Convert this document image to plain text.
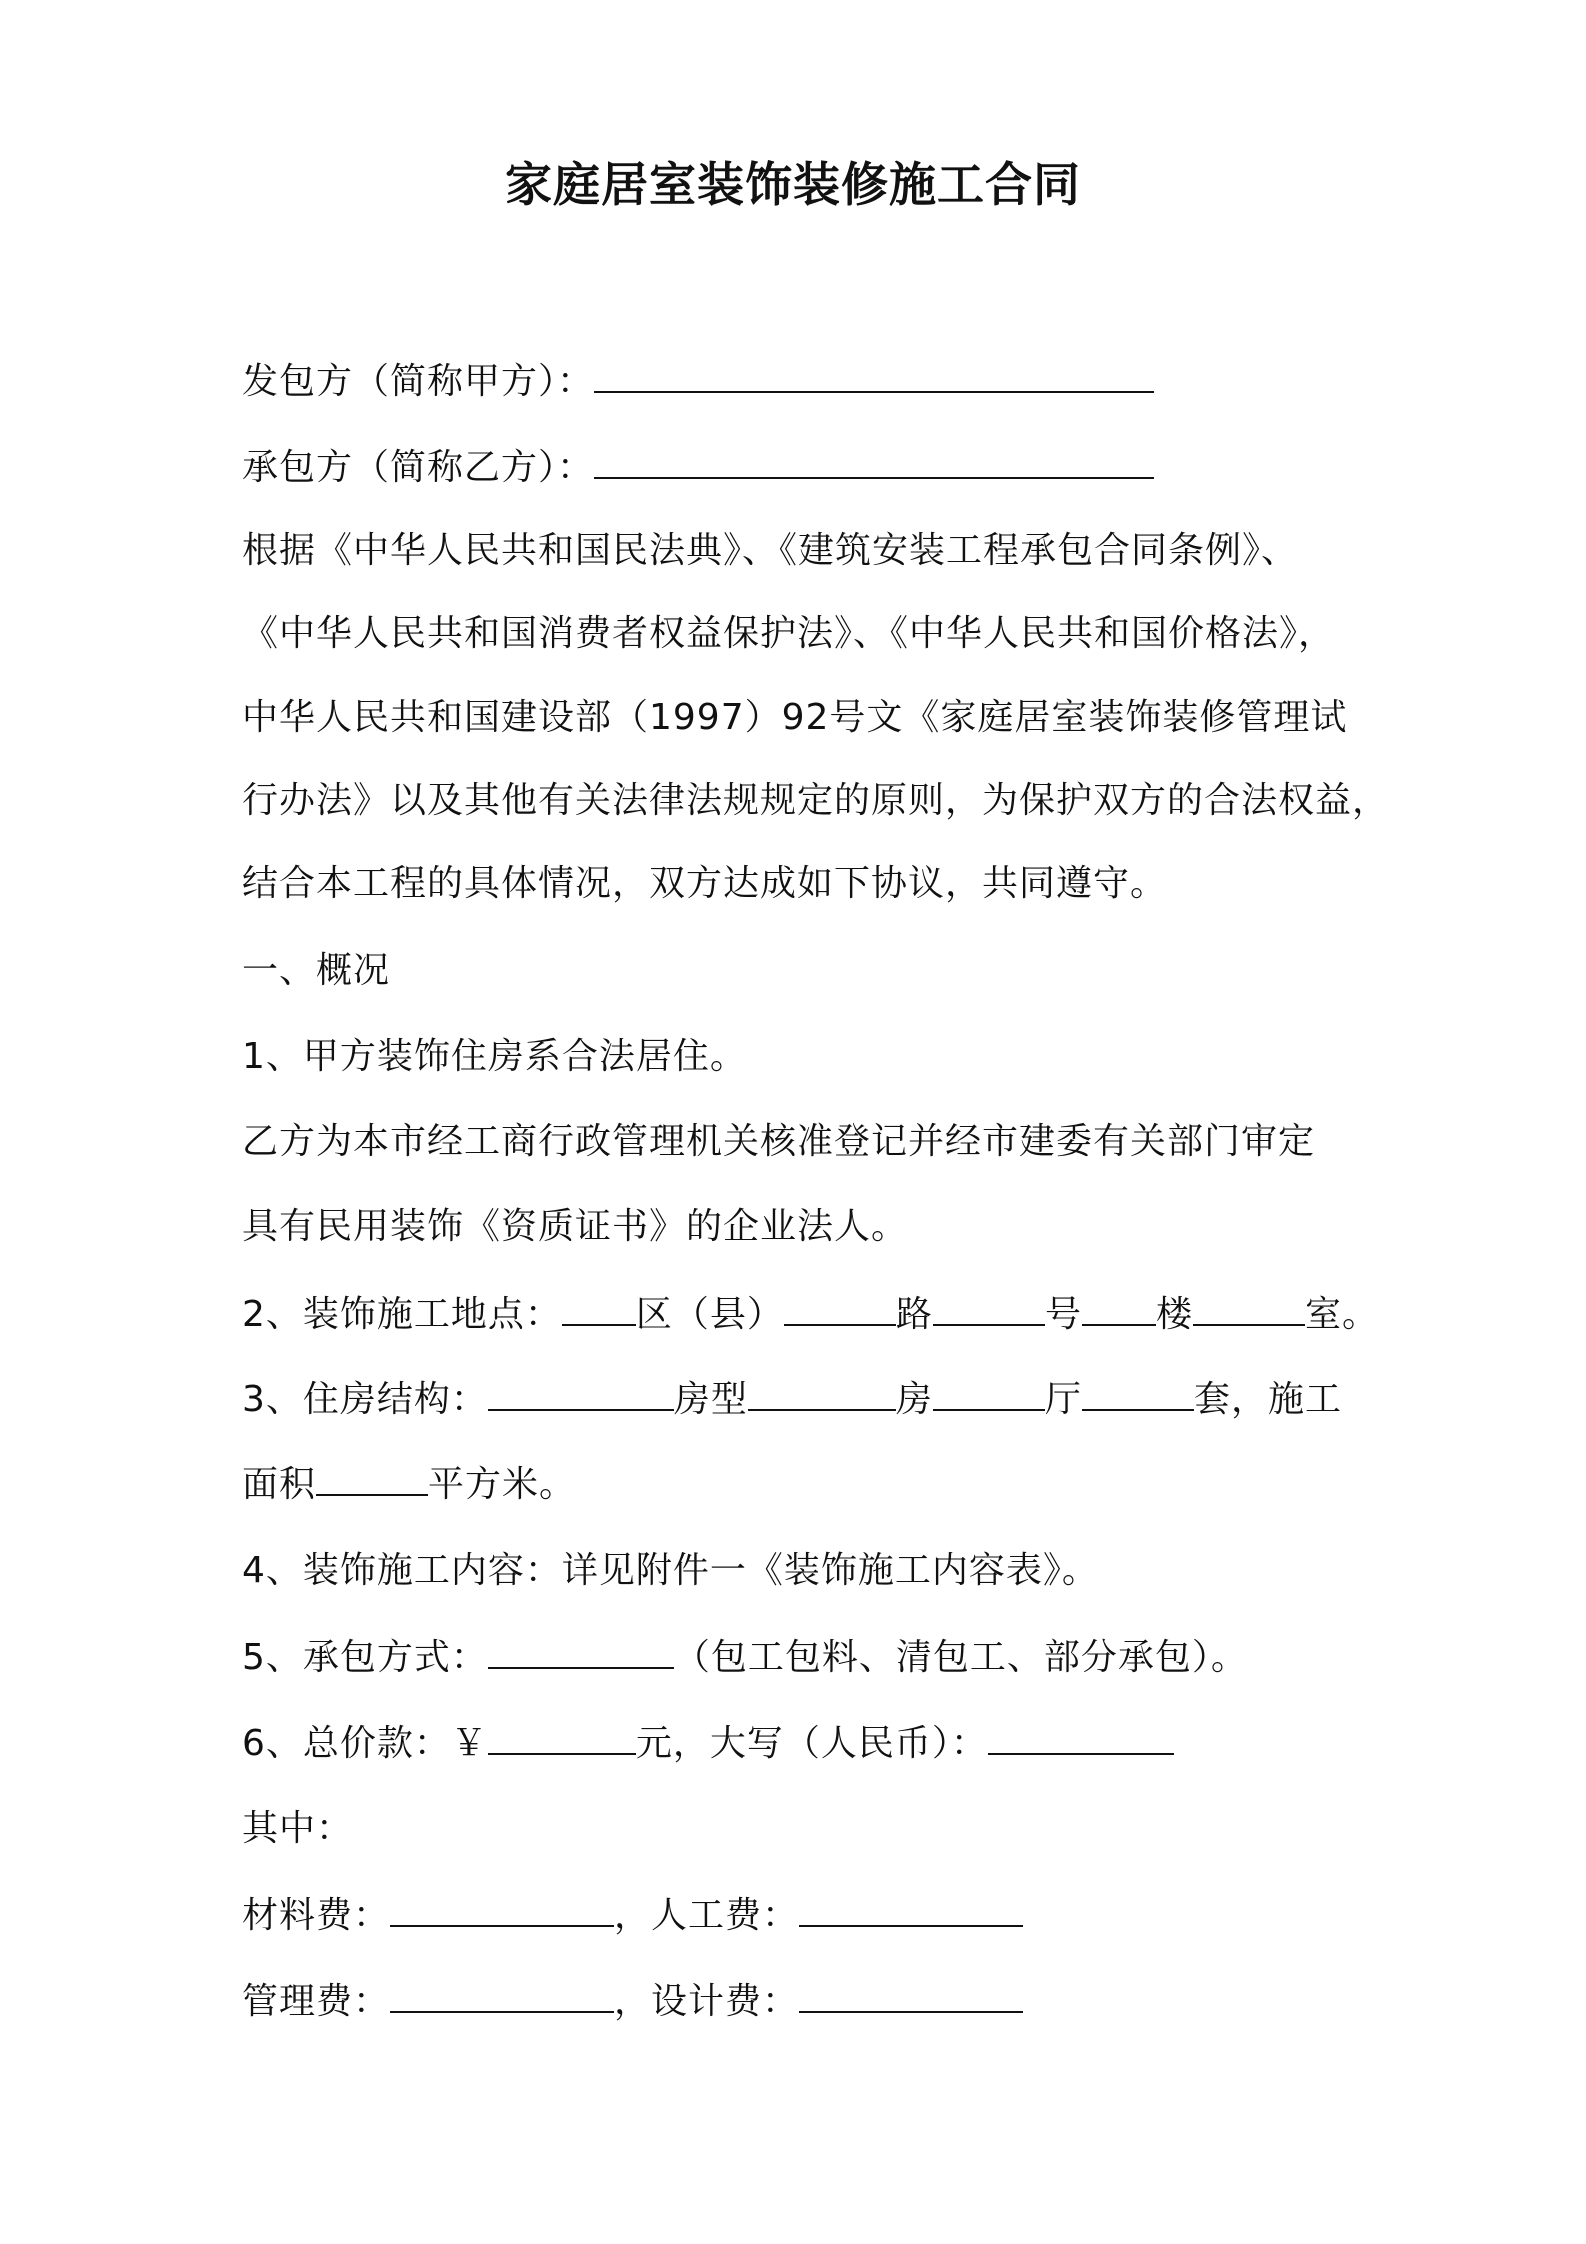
家庭居室装饰装修施工合同
发包方（简称甲方）：
承包方（简称乙方）：
根据《中华人民共和国民法典》、《建筑安装工程承包合同条例》、
《中华人民共和国消费者权益保护法》、《中华人民共和国价格法》，
中华人民共和国建设部（1997）92号文《家庭居室装饰装修管理试
行办法》以及其他有关法律法规规定的原则，为保护双方的合法权益，
结合本工程的具体情况，双方达成如下协议，共同遵守。
一、概况
1、甲方装饰住房系合法居住。
乙方为本市经工商行政管理机关核准登记并经市建委有关部门审定
具有民用装饰《资质证书》的企业法人。
2、装饰施工地点： 区（县）	路	号 楼	室。
3、住房结构：	房型	房	厅	套，施工
面积	平方米。
4、装饰施工内容：详见附件一《装饰施工内容表》。
5、承包方式：	（包工包料、清包工、部分承包）。
6、总价款：￥	元，大写（人民币）：
其中：
材料费：	，人工费：
管理费：	，设计费：
